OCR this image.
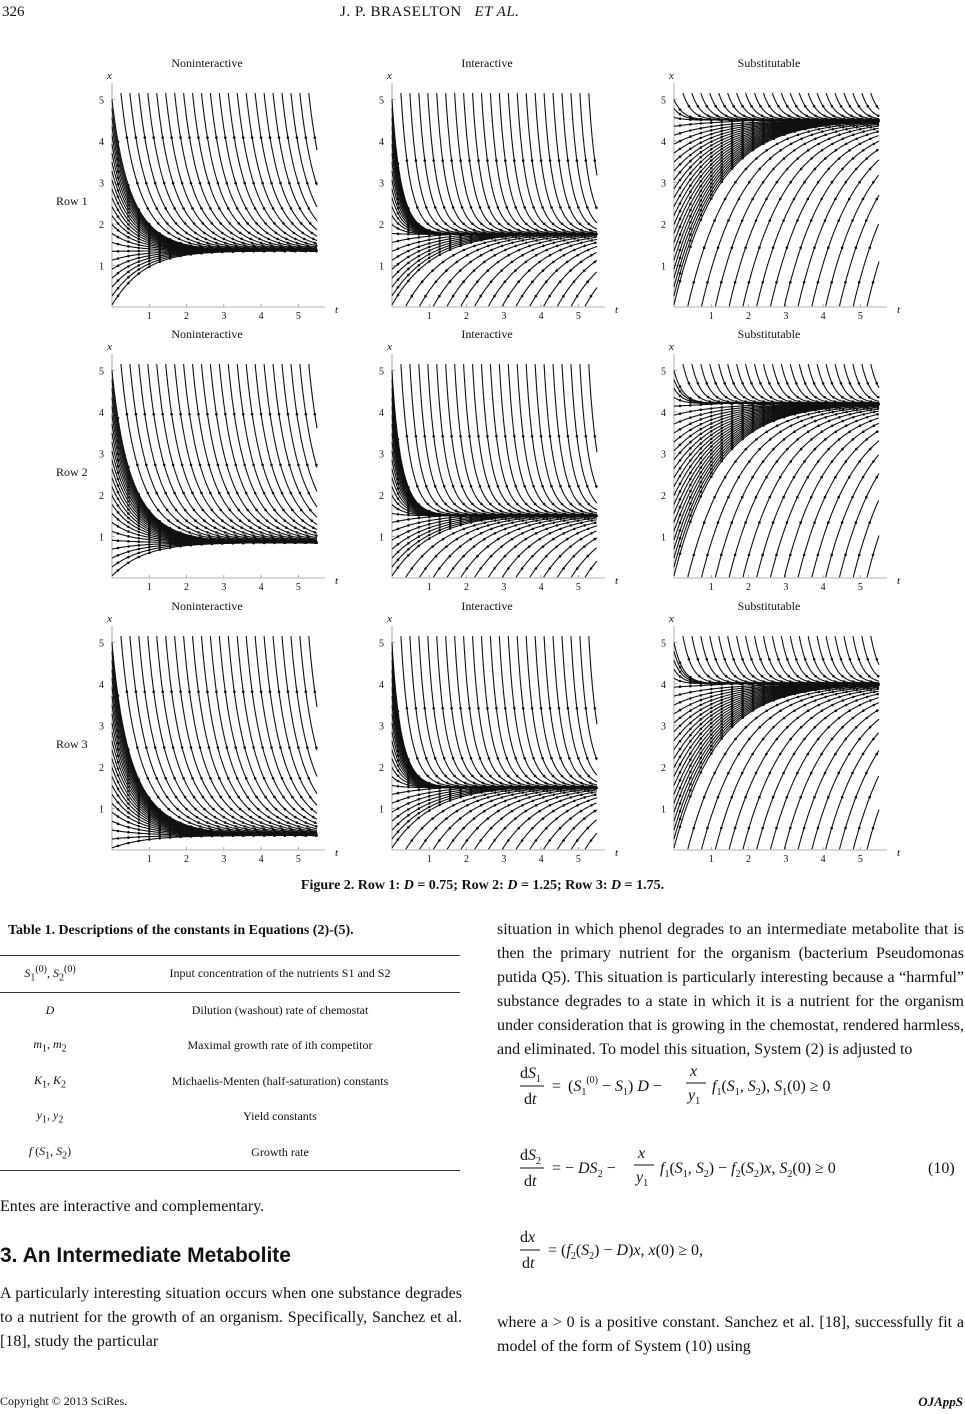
326	J. P. BRASELTON ET AL.
Noninteractive
Row 1
x
t
1	2	3	4	5
1
2
3
4
5
Interactive
x
t
1	2	3	4	5
1
2
3
4
5
Substitutable
x
t
1	2	3	4	5
1
2
3
4
5
Noninteractive
Row 2
x
t
1	2	3	4	5
1
2
3
4
5
Interactive
x
t
1	2	3	4	5
1
2
3
4
5
Substitutable
x
t
1	2	3	4	5
1
2
3
4
5
Noninteractive
Row 3
x
t
1	2	3	4	5
1
2
3
4
5
Interactive
x
t
1	2	3	4	5
1
2
3
4
5
Substitutable
x
t
1	2	3	4	5
1
2
3
4
5
Figure 2. Row 1: D = 0.75; Row 2: D = 1.25; Row 3: D = 1.75.
Table 1. Descriptions of the constants in Equations (2)-(5).
$S_1^{(0)}$, $S_2^{(0)}$	Input concentration of the nutrients S1 and S2
D	Dilution (washout) rate of chemostat
$m_1$, $m_2$	Maximal growth rate of ith competitor
$K_1$, $K_2$	Michaelis-Menten (half-saturation) constants
$y_1$, $y_2$	Yield constants
f ($S_1$, $S_2$)	Growth rate
Entes are interactive and complementary.
3. An Intermediate Metabolite
A particularly interesting situation occurs when one substance degrades to a nutrient for the growth of an organism. Specifically, Sanchez et al. [18], study the particular
situation in which phenol degrades to an intermediate metabolite that is then the primary nutrient for the organism (bacterium Pseudomonas putida Q5). This situation is particularly interesting because a “harmful” substance degrades to a state in which it is a nutrient for the organism under consideration that is growing in the chemostat, rendered harmless, and eliminated. To model this situation, System (2) is adjusted to
$dS_1$
dt
= $(S_1^{(0)} - S_1) D$ −
x
$y_1$
$f_1(S_1$, $S_2$), $S_1(0) \ge 0$
$dS_2$
dt
= − $DS_2$ −
x
$y_1$
$f_1(S_1$, $S_2) - f_2(S_2)x$, $S_2(0) \ge 0$	(10)
dx
dt
= $(f_2(S_2) - D)x$, x(0) ≥ 0,
where a > 0 is a positive constant. Sanchez et al. [18], successfully fit a model of the form of System (10) using
Copyright © 2013 SciRes.	OJAppS
